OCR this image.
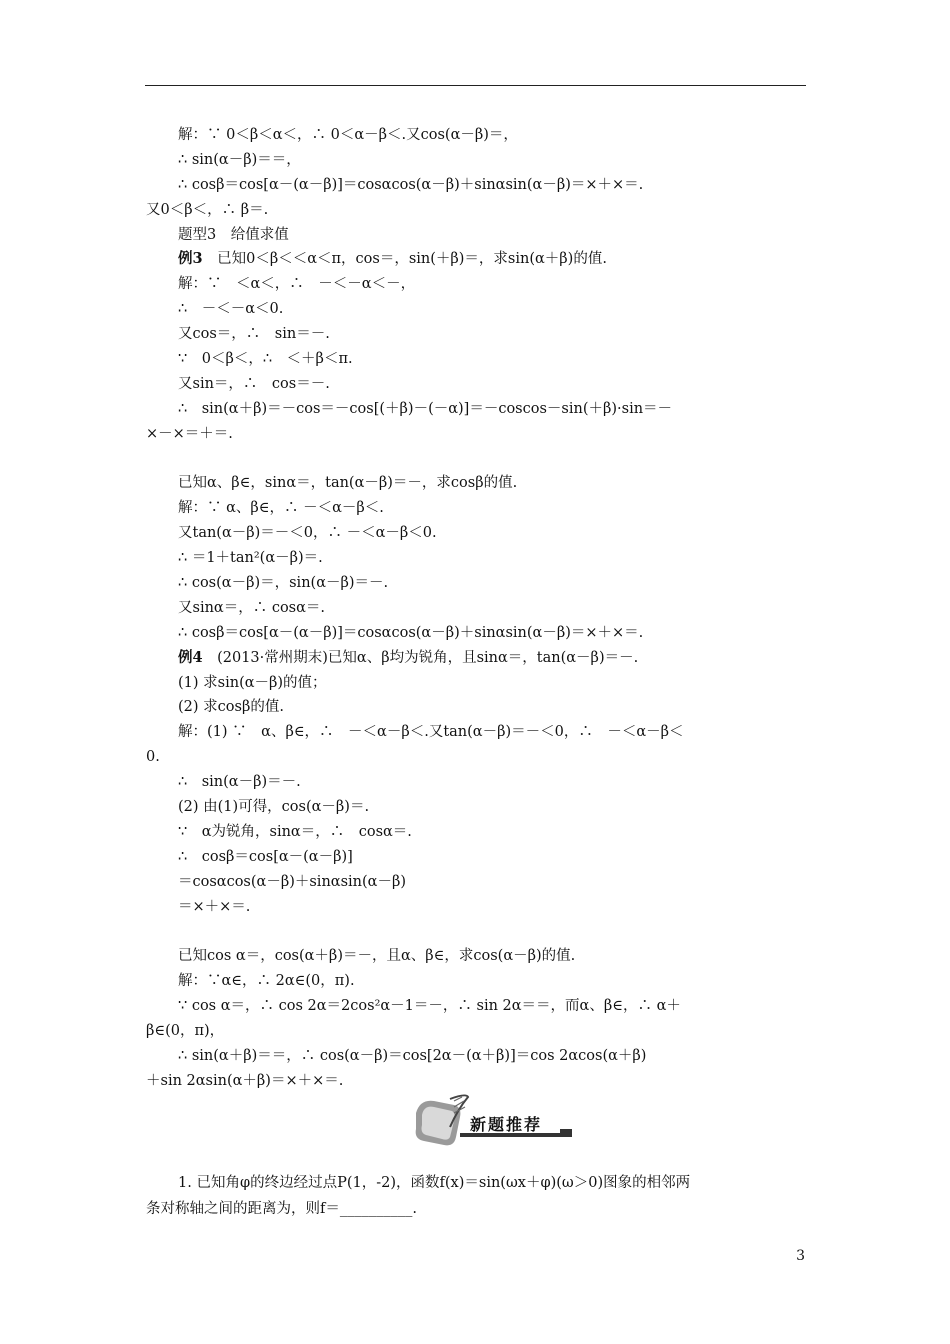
解：∵ 0＜β＜α＜，∴ 0＜α－β＜.又cos(α－β)＝，
∴ sin(α－β)＝＝，
∴ cosβ＝cos[α－(α－β)]＝cosαcos(α－β)＋sinαsin(α－β)＝×＋×＝.
又0＜β＜，∴ β＝.
题型3　给值求值
例3　已知0＜β＜＜α＜π，cos＝，sin(＋β)＝，求sin(α＋β)的值.
解：∵　＜α＜，∴　－＜－α＜－，
∴　－＜－α＜0.
又cos＝，∴　sin＝－.
∵　0＜β＜，∴　＜＋β＜π.
又sin＝，∴　cos＝－.
∴　sin(α＋β)＝－cos＝－cos[(＋β)－(－α)]＝－coscos－sin(＋β)·sin＝－
×－×＝＋＝.
已知α、β∈，sinα＝，tan(α－β)＝－，求cosβ的值.
解：∵ α、β∈，∴ －＜α－β＜.
又tan(α－β)＝－＜0，∴ －＜α－β＜0.
∴ ＝1＋tan²(α－β)＝.
∴ cos(α－β)＝，sin(α－β)＝－.
又sinα＝，∴ cosα＝.
∴ cosβ＝cos[α－(α－β)]＝cosαcos(α－β)＋sinαsin(α－β)＝×＋×＝.
例4　(2013·常州期末)已知α、β均为锐角，且sinα＝，tan(α－β)＝－.
(1) 求sin(α－β)的值；
(2) 求cosβ的值.
解：(1) ∵　α、β∈，∴　－＜α－β＜.又tan(α－β)＝－＜0，∴　－＜α－β＜
0.
∴　sin(α－β)＝－.
(2) 由(1)可得，cos(α－β)＝.
∵　α为锐角，sinα＝，∴　cosα＝.
∴　cosβ＝cos[α－(α－β)]
＝cosαcos(α－β)＋sinαsin(α－β)
＝×＋×＝.
已知cos α＝，cos(α＋β)＝－，且α、β∈，求cos(α－β)的值.
解：∵α∈，∴ 2α∈(0，π).
∵ cos α＝，∴ cos 2α＝2cos²α－1＝－，∴ sin 2α＝＝，而α、β∈，∴ α＋
β∈(0，π)，
∴ sin(α＋β)＝＝，∴ cos(α－β)＝cos[2α－(α＋β)]＝cos 2αcos(α＋β)
＋sin 2αsin(α＋β)＝×＋×＝.
新题推荐
1. 已知角φ的终边经过点P(1，-2)，函数f(x)＝sin(ωx＋φ)(ω＞0)图象的相邻两
条对称轴之间的距离为，则f＝__________.
3
